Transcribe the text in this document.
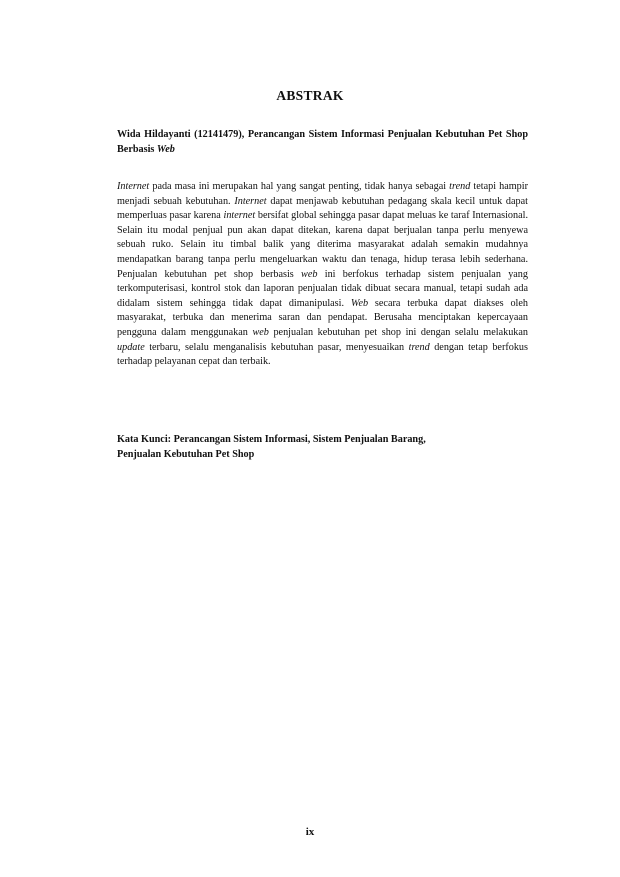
ABSTRAK
Wida Hildayanti (12141479), Perancangan Sistem Informasi Penjualan Kebutuhan Pet Shop Berbasis Web

Internet pada masa ini merupakan hal yang sangat penting, tidak hanya sebagai trend tetapi hampir menjadi sebuah kebutuhan. Internet dapat menjawab kebutuhan pedagang skala kecil untuk dapat memperluas pasar karena internet bersifat global sehingga pasar dapat meluas ke taraf Internasional. Selain itu modal penjual pun akan dapat ditekan, karena dapat berjualan tanpa perlu menyewa sebuah ruko. Selain itu timbal balik yang diterima masyarakat adalah semakin mudahnya mendapatkan barang tanpa perlu mengeluarkan waktu dan tenaga, hidup terasa lebih sederhana. Penjualan kebutuhan pet shop berbasis web ini berfokus terhadap sistem penjualan yang terkomputerisasi, kontrol stok dan laporan penjualan tidak dibuat secara manual, tetapi sudah ada didalam sistem sehingga tidak dapat dimanipulasi. Web secara terbuka dapat diakses oleh masyarakat, terbuka dan menerima saran dan pendapat. Berusaha menciptakan kepercayaan pengguna dalam menggunakan web penjualan kebutuhan pet shop ini dengan selalu melakukan update terbaru, selalu menganalisis kebutuhan pasar, menyesuaikan trend dengan tetap berfokus terhadap pelayanan cepat dan terbaik.

Kata Kunci: Perancangan Sistem Informasi, Sistem Penjualan Barang,
Penjualan Kebutuhan Pet Shop
ix
